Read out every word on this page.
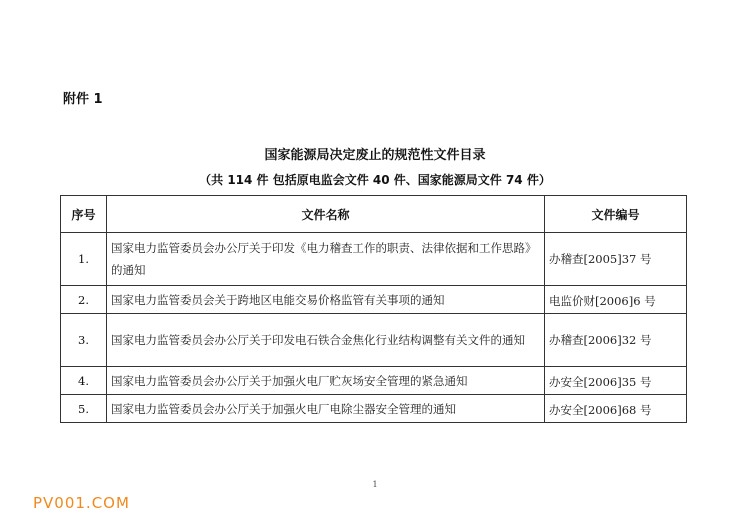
附件 1
国家能源局决定废止的规范性文件目录
（共 114 件 包括原电监会文件 40 件、国家能源局文件 74 件）
序号	文件名称	文件编号
1.	国家电力监管委员会办公厅关于印发《电力稽查工作的职责、法律依据和工作思路》的通知	办稽查[2005]37 号
2.	国家电力监管委员会关于跨地区电能交易价格监管有关事项的通知	电监价财[2006]6 号
3.	国家电力监管委员会办公厅关于印发电石铁合金焦化行业结构调整有关文件的通知	办稽查[2006]32 号
4.	国家电力监管委员会办公厅关于加强火电厂贮灰场安全管理的紧急通知	办安全[2006]35 号
5.	国家电力监管委员会办公厅关于加强火电厂电除尘器安全管理的通知	办安全[2006]68 号
1
PV001.COM
